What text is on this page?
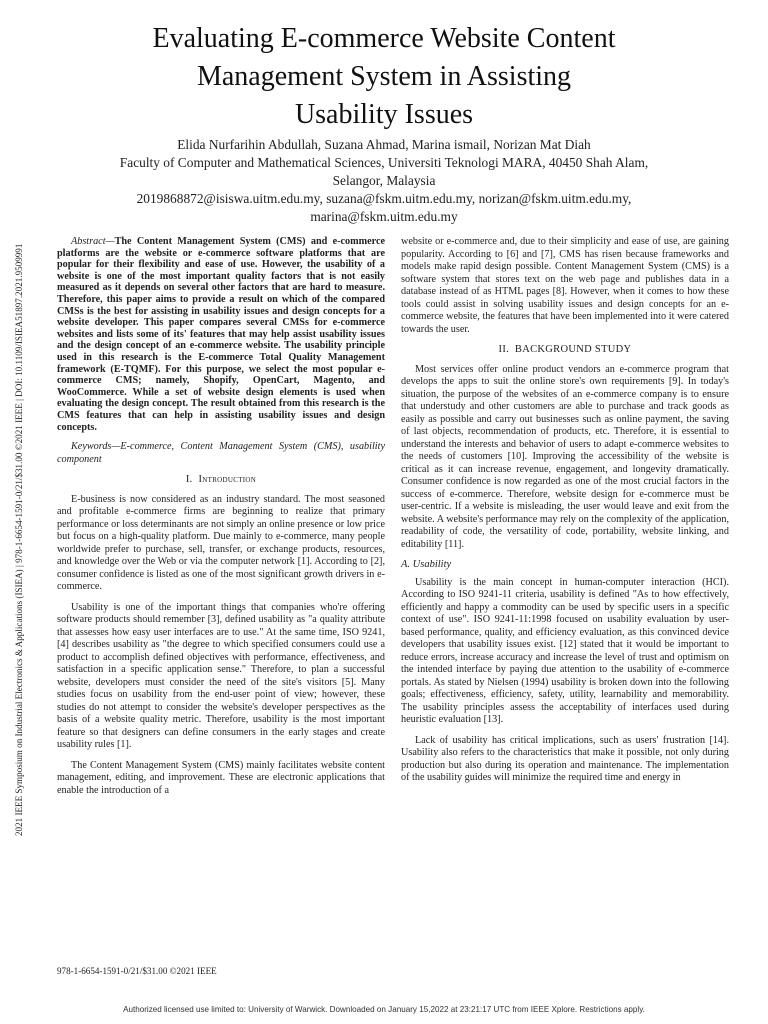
Evaluating E-commerce Website Content
Management System in Assisting
Usability Issues
Elida Nurfarihin Abdullah, Suzana Ahmad, Marina ismail, Norizan Mat Diah
Faculty of Computer and Mathematical Sciences, Universiti Teknologi MARA, 40450 Shah Alam,
Selangor, Malaysia
2019868872@isiswa.uitm.edu.my, suzana@fskm.uitm.edu.my, norizan@fskm.uitm.edu.my,
marina@fskm.uitm.edu.my
2021 IEEE Symposium on Industrial Electronics & Applications (ISIEA) | 978-1-6654-1591-0/21/$31.00 ©2021 IEEE | DOI: 10.1109/ISIEA51897.2021.9509991

Abstract—The Content Management System (CMS) and e-commerce platforms are the website or e-commerce software platforms that are popular for their flexibility and ease of use. However, the usability of a website is one of the most important quality factors that is not easily measured as it depends on several other factors that are hard to measure. Therefore, this paper aims to provide a result on which of the compared CMSs is the best for assisting in usability issues and design concepts for a website developer. This paper compares several CMSs for e-commerce websites and lists some of its' features that may help assist usability issues and the design concept of an e-commerce website. The usability principle used in this research is the E-commerce Total Quality Management framework (E-TQMF). For this purpose, we select the most popular e-commerce CMS; namely, Shopify, OpenCart, Magento, and WooCommerce. While a set of website design elements is used when evaluating the design concept. The result obtained from this research is the CMS features that can help in assisting usability issues and design concepts.

Keywords—E-commerce, Content Management System (CMS), usability component

I. Introduction

E-business is now considered as an industry standard. The most seasoned and profitable e-commerce firms are beginning to realize that primary performance or loss determinants are not simply an online presence or low price but focus on a high-quality platform. Due mainly to e-commerce, many people worldwide prefer to purchase, sell, transfer, or exchange products, resources, and knowledge over the Web or via the computer network [1]. According to [2], consumer confidence is listed as one of the most significant growth drivers in e-commerce.

Usability is one of the important things that companies who're offering software products should remember [3], defined usability as "a quality attribute that assesses how easy user interfaces are to use." At the same time, ISO 9241, [4] describes usability as "the degree to which specified consumers could use a product to accomplish defined objectives with performance, effectiveness, and satisfaction in a specific application sense." Therefore, to plan a successful website, developers must consider the need of the site's visitors [5]. Many studies focus on usability from the end-user point of view; however, these studies do not attempt to consider the website's developer perspectives as the basis of a website quality metric. Therefore, usability is the most important feature so that designers can define consumers in the early stages and create usability rules [1].

The Content Management System (CMS) mainly facilitates website content management, editing, and improvement. These are electronic applications that enable the introduction of a

website or e-commerce and, due to their simplicity and ease of use, are gaining popularity. According to [6] and [7], CMS has risen because frameworks and models make rapid design possible. Content Management System (CMS) is a software system that stores text on the web page and publishes data in a database instead of as HTML pages [8]. However, when it comes to how these tools could assist in solving usability issues and design concepts for an e-commerce website, the features that have been implemented into it were catered towards the user.

II. BACKGROUND STUDY

Most services offer online product vendors an e-commerce program that develops the apps to suit the online store's own requirements [9]. In today's situation, the purpose of the websites of an e-commerce company is to ensure that understudy and other customers are able to purchase and track goods as easily as possible and carry out businesses such as online payment, the saving of last objects, recommendation of products, etc. Therefore, it is essential to understand the interests and behavior of users to adapt e-commerce websites to the needs of customers [10]. Improving the accessibility of the website is critical as it can increase revenue, engagement, and longevity dramatically. Consumer confidence is now regarded as one of the most crucial factors in the success of e-commerce. Therefore, website design for e-commerce must be user-centric. If a website is misleading, the user would leave and exit from the website. A website's performance may rely on the complexity of the application, readability of code, the versatility of code, portability, website linking, and editability [11].

A. Usability

Usability is the main concept in human-computer interaction (HCI). According to ISO 9241-11 criteria, usability is defined "As to how effectively, efficiently and happy a commodity can be used by specific users in a specific context of use". ISO 9241-11:1998 focused on usability evaluation by user-based performance, quality, and efficiency evaluation, as this convinced device developers that usability issues exist. [12] stated that it would be important to reduce errors, increase accuracy and increase the level of trust and optimism on the intended interface by paying due attention to the usability of e-commerce portals. As stated by Nielsen (1994) usability is broken down into the following goals; effectiveness, efficiency, safety, utility, learnability and memorability. The usability principles assess the acceptability of interfaces used during heuristic evaluation [13].

Lack of usability has critical implications, such as users' frustration [14]. Usability also refers to the characteristics that make it possible, not only during production but also during its operation and maintenance. The implementation of the usability guides will minimize the required time and energy in

978-1-6654-1591-0/21/$31.00 ©2021 IEEE
Authorized licensed use limited to: University of Warwick. Downloaded on January 15,2022 at 23:21:17 UTC from IEEE Xplore. Restrictions apply.
